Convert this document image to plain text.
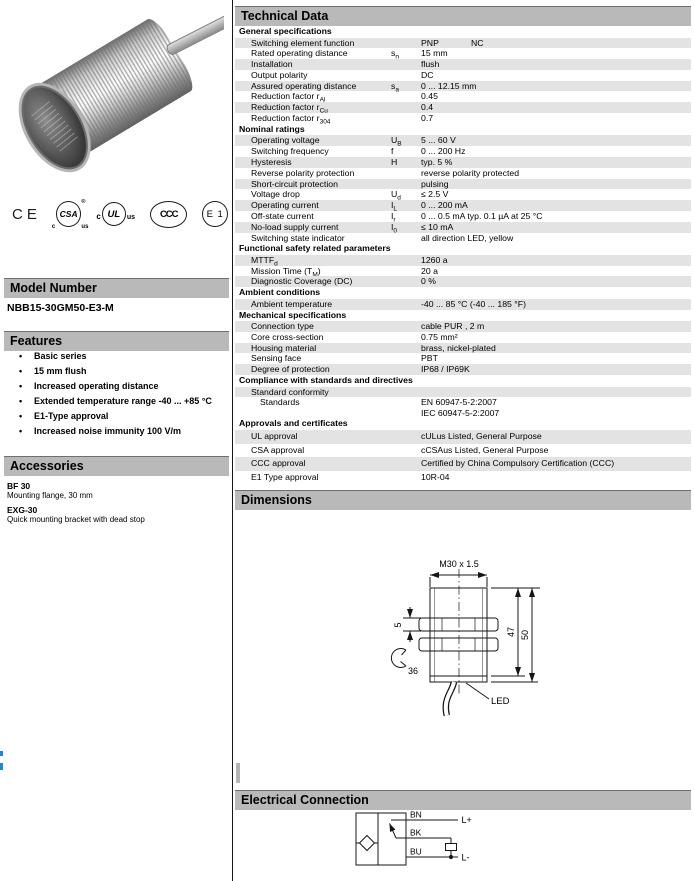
CE CSA
c	us
®
c UL us	CCC	E 1
Model Number
NBB15-30GM50-E3-M
Features
• Basic series
• 15 mm flush
• Increased operating distance
• Extended temperature range -40 ... +85 °C
• E1-Type approval
• Increased noise immunity 100 V/m
Accessories
BF 30
Mounting flange, 30 mm
EXG-30
Quick mounting bracket with dead stop
Technical Data
General specifications
Switching element function	PNP	NC
Rated operating distance	$s_n$	15 mm
Installation	flush
Output polarity	DC
Assured operating distance	$s_a$	0 ... 12.15 mm
Reduction factor $r_{Al}$	0.45
Reduction factor $r_{Cu}$	0.4
Reduction factor $r_{304}$	0.7
Nominal ratings
Operating voltage	$U_B$	5 ... 60 V
Switching frequency	f	0 ... 200 Hz
Hysteresis	H	typ. 5 %
Reverse polarity protection	reverse polarity protected
Short-circuit protection	pulsing
Voltage drop	$U_d$	≤ 2.5 V
Operating current	$I_L$	0 ... 200 mA
Off-state current	$I_r$	0 ... 0.5 mA typ. 0.1 µA at 25 °C
No-load supply current	$I_0$	≤ 10 mA
Switching state indicator	all direction LED, yellow
Functional safety related parameters
$MTTF_d$	1260 a
Mission Time $(T_M)$	20 a
Diagnostic Coverage (DC)	0 %
Ambient conditions
Ambient temperature	-40 ... 85 °C (-40 ... 185 °F)
Mechanical specifications
Connection type	cable PUR , 2 m
Core cross-section	0.75 mm²
Housing material	brass, nickel-plated
Sensing face	PBT
Degree of protection	IP68 / IP69K
Compliance with standards and directives
Standard conformity
Standards	EN 60947-5-2:2007
IEC 60947-5-2:2007
Approvals and certificates
UL approval	cULus Listed, General Purpose
CSA approval	cCSAus Listed, General Purpose
CCC approval	Certified by China Compulsory Certification (CCC)
E1 Type approval	10R-04
Dimensions
M30 x 1.5
5
47 50
36
LED
Electrical Connection
BN
BK
BU
L+
L-
